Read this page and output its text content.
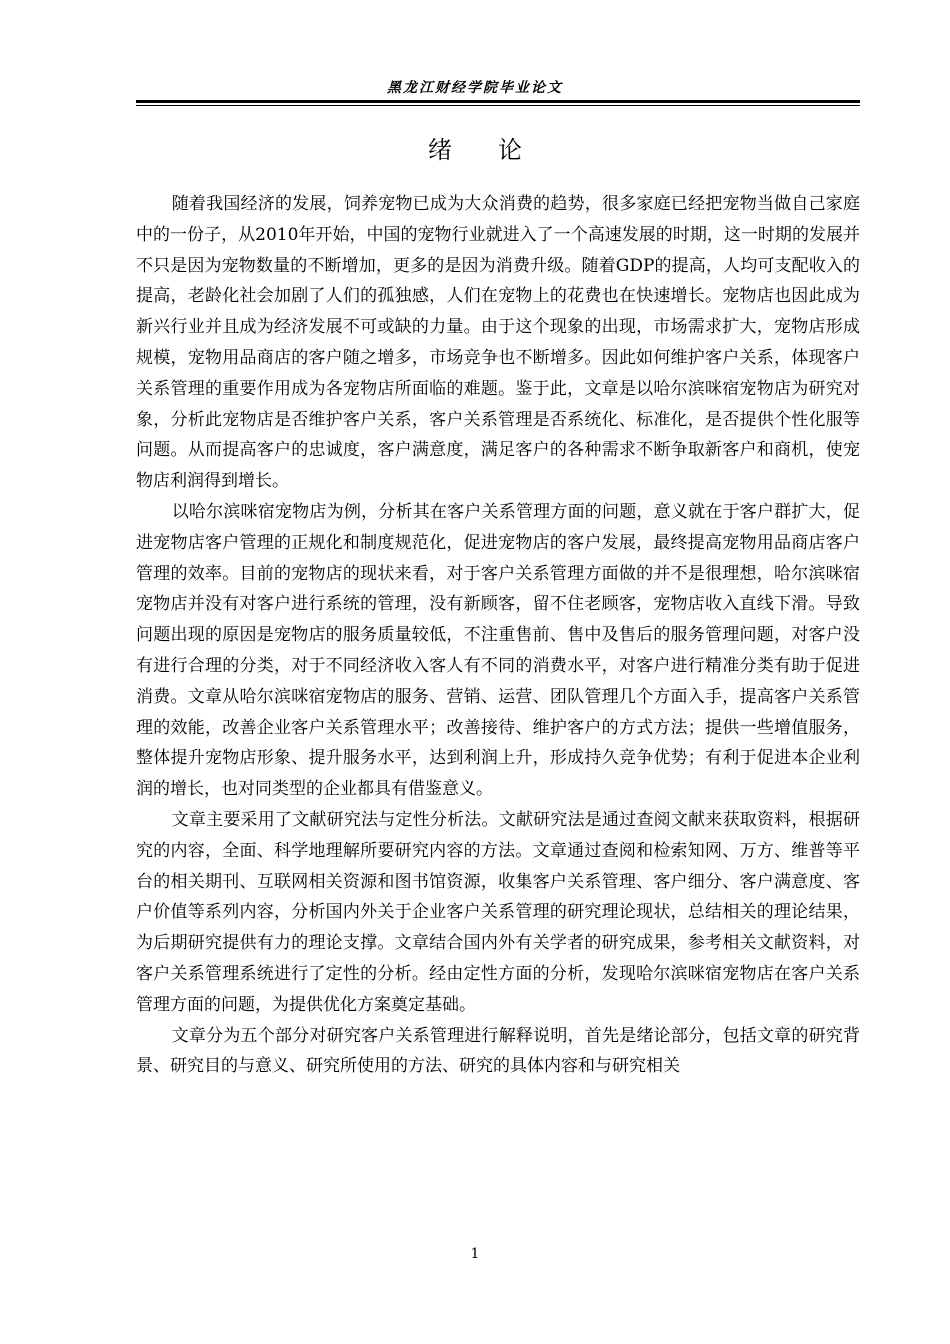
黑龙江财经学院毕业论文
绪论

随着我国经济的发展，饲养宠物已成为大众消费的趋势，很多家庭已经把宠物当做自己家庭中的一份子，从2010年开始，中国的宠物行业就进入了一个高速发展的时期，这一时期的发展并不只是因为宠物数量的不断增加，更多的是因为消费升级。随着GDP的提高，人均可支配收入的提高，老龄化社会加剧了人们的孤独感，人们在宠物上的花费也在快速增长。宠物店也因此成为新兴行业并且成为经济发展不可或缺的力量。由于这个现象的出现，市场需求扩大，宠物店形成规模，宠物用品商店的客户随之增多，市场竞争也不断增多。因此如何维护客户关系，体现客户关系管理的重要作用成为各宠物店所面临的难题。鉴于此，文章是以哈尔滨咪宿宠物店为研究对象，分析此宠物店是否维护客户关系，客户关系管理是否系统化、标准化，是否提供个性化服等问题。从而提高客户的忠诚度，客户满意度，满足客户的各种需求不断争取新客户和商机，使宠物店利润得到增长。

以哈尔滨咪宿宠物店为例，分析其在客户关系管理方面的问题，意义就在于客户群扩大，促进宠物店客户管理的正规化和制度规范化，促进宠物店的客户发展，最终提高宠物用品商店客户管理的效率。目前的宠物店的现状来看，对于客户关系管理方面做的并不是很理想，哈尔滨咪宿宠物店并没有对客户进行系统的管理，没有新顾客，留不住老顾客，宠物店收入直线下滑。导致问题出现的原因是宠物店的服务质量较低，不注重售前、售中及售后的服务管理问题，对客户没有进行合理的分类，对于不同经济收入客人有不同的消费水平，对客户进行精准分类有助于促进消费。文章从哈尔滨咪宿宠物店的服务、营销、运营、团队管理几个方面入手，提高客户关系管理的效能，改善企业客户关系管理水平；改善接待、维护客户的方式方法；提供一些增值服务，整体提升宠物店形象、提升服务水平，达到利润上升，形成持久竞争优势；有利于促进本企业利润的增长，也对同类型的企业都具有借鉴意义。

文章主要采用了文献研究法与定性分析法。文献研究法是通过查阅文献来获取资料，根据研究的内容，全面、科学地理解所要研究内容的方法。文章通过查阅和检索知网、万方、维普等平台的相关期刊、互联网相关资源和图书馆资源，收集客户关系管理、客户细分、客户满意度、客户价值等系列内容，分析国内外关于企业客户关系管理的研究理论现状，总结相关的理论结果，为后期研究提供有力的理论支撑。文章结合国内外有关学者的研究成果，参考相关文献资料，对客户关系管理系统进行了定性的分析。经由定性方面的分析，发现哈尔滨咪宿宠物店在客户关系管理方面的问题，为提供优化方案奠定基础。

文章分为五个部分对研究客户关系管理进行解释说明，首先是绪论部分，包括文章的研究背景、研究目的与意义、研究所使用的方法、研究的具体内容和与研究相关

1
